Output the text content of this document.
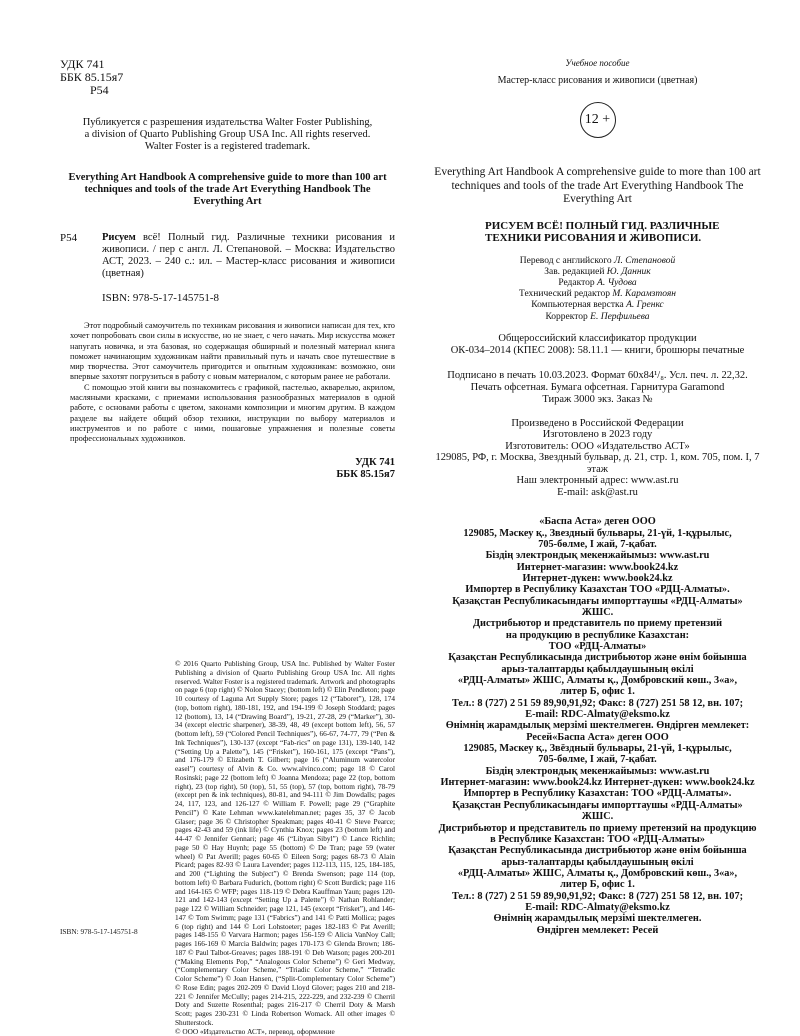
УДК 741
ББК 85.15я7
Р54
Публикуется с разрешения издательства Walter Foster Publishing,
a division of Quarto Publishing Group USA Inc. All rights reserved.
Walter Foster is a registered trademark.
Everything Art Handbook A comprehensive guide to more than 100 art techniques and tools of the trade Art Everything Handbook The Everything Art
Р54	Рисуем всё! Полный гид. Различные техники рисования и живописи. / пер с англ. Л. Степановой. – Москва: Издательство АСТ, 2023. – 240 с.: ил. – Мастер-класс рисования и живописи (цветная)
ISBN: 978-5-17-145751-8

Этот подробный самоучитель по техникам рисования и живописи написан для тех, кто хочет попробовать свои силы в искусстве, но не знает, с чего начать. Мир искусства может напугать новичка, и эта базовая, но содержащая обширный и полезный материал книга поможет начинающим художникам найти правильный путь и начать свое путешествие в мир творчества. Этот самоучитель пригодится и опытным художникам: возможно, они впервые захотят погрузиться в работу с новым материалом, с которым ранее не работали.

С помощью этой книги вы познакомитесь с графикой, пастелью, акварелью, акрилом, масляными красками, с приемами использования разнообразных материалов в одной работе, с основами работы с цветом, законами композиции и многим другим. В каждом разделе вы найдете общий обзор техники, инструкции по выбору материалов и инструментов и по работе с ними, пошаговые упражнения и полезные советы профессиональных художников.

УДК 741
ББК 85.15я7
© 2016 Quarto Publishing Group, USA Inc. Published by Walter Foster Publishing a division of Quarto Publishing Group USA Inc. All rights reserved. Walter Foster is a registered trademark. Artwork and photographs on page 6 (top right) © Nolon Stacey; (bottom left) © Elin Pendleton; page 10 courtesy of Laguna Art Supply Store; pages 12 (“Taboret”), 128, 174 (top, bottom right), 180-181, 192, and 194-199 © Joseph Stoddard; pages 12 (bottom), 13, 14 (“Drawing Board”), 19-21, 27-28, 29 (“Marker”), 30-34 (except electric sharpener), 38-39, 48, 49 (except bottom left), 56, 57 (bottom left), 59 (“Colored Pencil Techniques”), 66-67, 74-77, 79 (“Pen & Ink Techniques”), 130-137 (except “Fab-rics” on page 131), 139-140, 142 (“Setting Up a Palette”), 145 (“Frisket”), 160-161, 175 (except “Pans”), and 176-179 © Elizabeth T. Gilbert; page 16 (“Aluminum watercolor easel”) courtesy of Alvin & Co. www.alvinco.com; page 18 © Carol Rosinski; page 22 (bottom left) © Joanna Mendoza; page 22 (top, bottom right), 23 (top right), 50 (top), 51, 55 (top), 57 (top, bottom right), 78-79 (except pen & ink techniques), 80-81, and 94-111 © Jim Dowdalls; pages 24, 117, 123, and 126-127 © William F. Powell; page 29 (“Graphite Pencil”) © Kate Lehman www.katelehman.net; pages 35, 37 © Jacob Glaser; page 36 © Christopher Speakman; pages 40-41 © Steve Pearce; pages 42-43 and 59 (ink life) © Cynthia Knox; pages 23 (bottom left) and 44-47 © Jennifer Gennari; page 46 (“Libyan Sibyl”) © Lance Richlin; page 50 © Hay Huynh; page 55 (bottom) © De Tran; page 59 (water wheel) © Pat Averill; pages 60-65 © Eileen Sorg; pages 68-73 © Alain Picard; pages 82-93 © Laura Lavender; pages 112-113, 115, 125, 184-185, and 200 (“Lighting the Subject”) © Brenda Swenson; page 114 (top, bottom left) © Barbara Fudurich, (bottom right) © Scott Burdick; page 116 and 164-165 © WFP; pages 118-119 © Debra Kauffman Yaun; pages 120-121 and 142-143 (except “Setting Up a Palette”) © Nathan Rohlander; page 122 © William Schneider; page 121, 145 (except “Frisket”), and 146-147 © Tom Swimm; page 131 (“Fabrics”) and 141 © Patti Mollica; pages 6 (top right) and 144 © Lori Lohstoeter; pages 182-183 © Pat Averill; pages 148-155 © Varvara Harmon; pages 156-159 © Alicia VanNoy Call; pages 166-169 © Marcia Baldwin; pages 170-173 © Glenda Brown; 186-187 © Paul Talbot-Greaves; pages 188-191 © Deb Watson; pages 200-201 (“Making Elements Pop,” “Analogous Color Scheme”) © Geri Medway, (“Complementary Color Scheme,” “Triadic Color Scheme,” “Tetradic Color Scheme”) © Joan Hansen, (“Split-Complementary Color Scheme”) © Rose Edin; pages 202-209 © David Lloyd Glover; pages 210 and 218-221 © Jennifer McCully; pages 214-215, 222-229, and 232-239 © Cherril Doty and Suzette Rosenthal; pages 216-217 © Cherril Doty & Marsh Scott; pages 230-231 © Linda Robertson Womack. All other images © Shutterstock.
© ООО «Издательство АСТ», перевод, оформление
ISBN: 978-5-17-145751-8
Учебное пособие
Мастер-класс рисования и живописи (цветная)
12 +
Everything Art Handbook A comprehensive guide to more than 100 art techniques and tools of the trade Art Everything Handbook The Everything Art
РИСУЕМ ВСЁ! ПОЛНЫЙ ГИД. РАЗЛИЧНЫЕ ТЕХНИКИ РИСОВАНИЯ И ЖИВОПИСИ.
Перевод с английского Л. Степановой
Зав. редакцией Ю. Данник
Редактор А. Чудова
Технический редактор М. Карамзтоян
Компьютерная верстка А. Гренкс
Корректор Е. Перфильева
Общероссийский классификатор продукции
ОК-034–2014 (КПЕС 2008): 58.11.1 — книги, брошюры печатные
Подписано в печать 10.03.2023. Формат 60x84¹/₈. Усл. печ. л. 22,32.
Печать офсетная. Бумага офсетная. Гарнитура Garamond
Тираж 3000 экз. Заказ №
Произведено в Российской Федерации
Изготовлено в 2023 году
Изготовитель: ООО «Издательство АСТ»
129085, РФ, г. Москва, Звездный бульвар, д. 21, стр. 1, ком. 705, пом. I, 7 этаж
Наш электронный адрес: www.ast.ru
E-mail: ask@ast.ru
«Баспа Аста» деген ООО
129085, Мәскеу қ., Звездный бульвары, 21-үй, 1-құрылыс,
705-бөлме, I жай, 7-қабат.
Біздің электрондық мекенжайымыз: www.ast.ru
Интернет-магазин: www.book24.kz
Интернет-дүкен: www.book24.kz
Импортер в Республику Казахстан ТОО «РДЦ-Алматы».
Қазақстан Республикасындағы импорттаушы «РДЦ-Алматы»
ЖШС.
Дистрибьютор и представитель по приему претензий
на продукцию в республике Казахстан:
ТОО «РДЦ-Алматы»
Қазақстан Республикасында дистрибьютор және өнім бойынша
арыз-талаптарды қабылдаушының өкілі
«РДЦ-Алматы» ЖШС, Алматы қ., Домбровский көш., 3«а»,
литер Б, офис 1.
Тел.: 8 (727) 2 51 59 89,90,91,92; Факс: 8 (727) 251 58 12, вн. 107;
E-mail: RDC-Almaty@eksmo.kz
Өнімнің жарамдылық мерзімі шектелмеген. Өндірген мемлекет:
Ресей«Баспа Аста» деген ООО
129085, Мәскеу қ., Звёздный бульвары, 21-үй, 1-құрылыс,
705-бөлме, I жай, 7-қабат.
Біздің электрондық мекенжайымыз: www.ast.ru
Интернет-магазин: www.book24.kz Интернет-дүкен: www.book24.kz
Импортер в Республику Казахстан: ТОО «РДЦ-Алматы».
Қазақстан Республикасындағы импорттаушы «РДЦ-Алматы»
ЖШС.
Дистрибьютор и представитель по приему претензий на продукцию
в Республике Казахстан: ТОО «РДЦ-Алматы»
Қазақстан Республикасында дистрибьютор және өнім бойынша
арыз-талаптарды қабылдаушының өкілі
«РДЦ-Алматы» ЖШС, Алматы қ., Домбровский көш., 3«а»,
литер Б, офис 1.
Тел.: 8 (727) 2 51 59 89,90,91,92; Факс: 8 (727) 251 58 12, вн. 107;
E-mail: RDC-Almaty@eksmo.kz
Өнімнің жарамдылық мерзімі шектелмеген.
Өндірген мемлекет: Ресей
